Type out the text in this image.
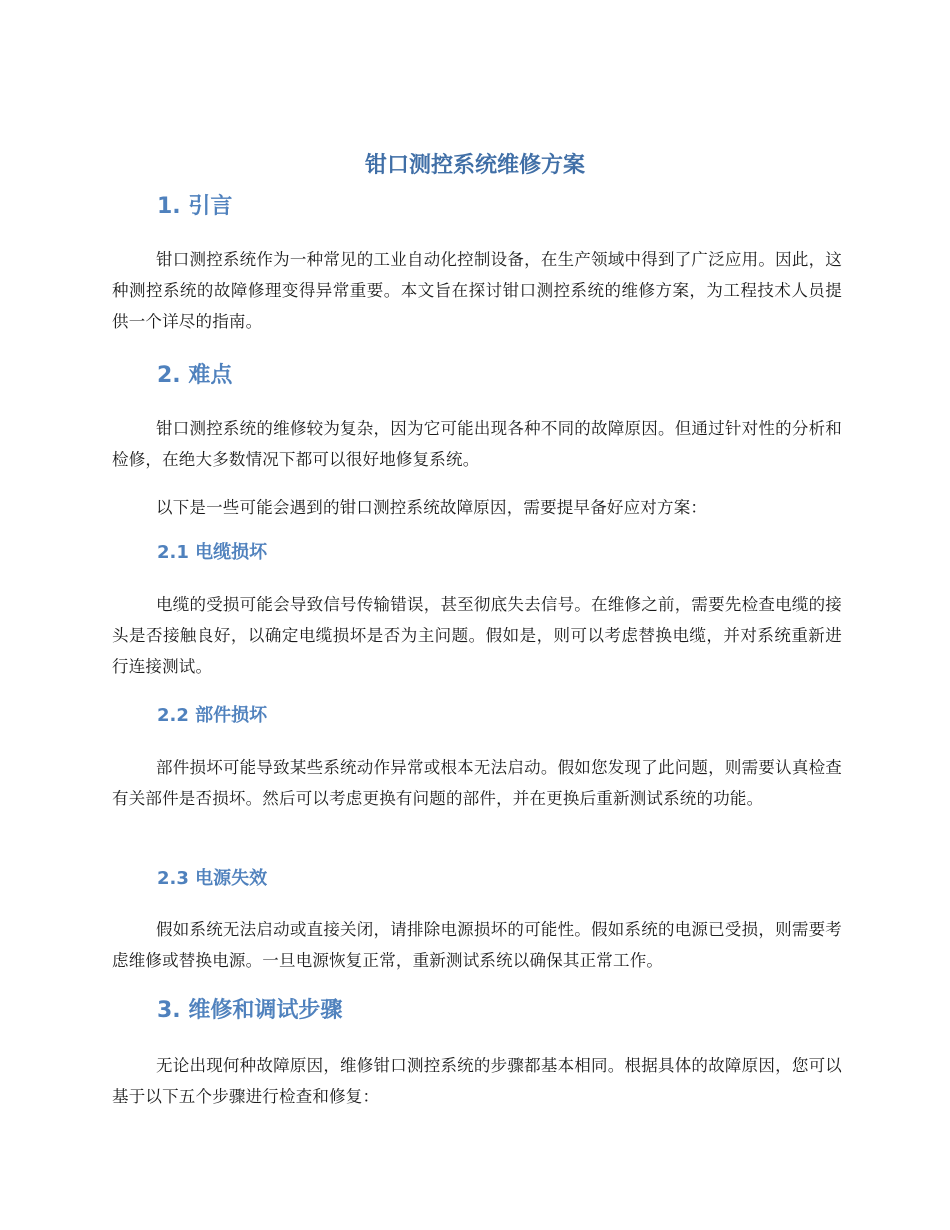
钳口测控系统维修方案
1. 引言

钳口测控系统作为一种常见的工业自动化控制设备，在生产领域中得到了广泛应用。因此，这种测控系统的故障修理变得异常重要。本文旨在探讨钳口测控系统的维修方案，为工程技术人员提供一个详尽的指南。

2. 难点

钳口测控系统的维修较为复杂，因为它可能出现各种不同的故障原因。但通过针对性的分析和检修，在绝大多数情况下都可以很好地修复系统。

以下是一些可能会遇到的钳口测控系统故障原因，需要提早备好应对方案：

2.1 电缆损坏

电缆的受损可能会导致信号传输错误，甚至彻底失去信号。在维修之前，需要先检查电缆的接头是否接触良好，以确定电缆损坏是否为主问题。假如是，则可以考虑替换电缆，并对系统重新进行连接测试。

2.2 部件损坏

部件损坏可能导致某些系统动作异常或根本无法启动。假如您发现了此问题，则需要认真检查有关部件是否损坏。然后可以考虑更换有问题的部件，并在更换后重新测试系统的功能。

2.3 电源失效

假如系统无法启动或直接关闭，请排除电源损坏的可能性。假如系统的电源已受损，则需要考虑维修或替换电源。一旦电源恢复正常，重新测试系统以确保其正常工作。

3. 维修和调试步骤

无论出现何种故障原因，维修钳口测控系统的步骤都基本相同。根据具体的故障原因，您可以基于以下五个步骤进行检查和修复：
